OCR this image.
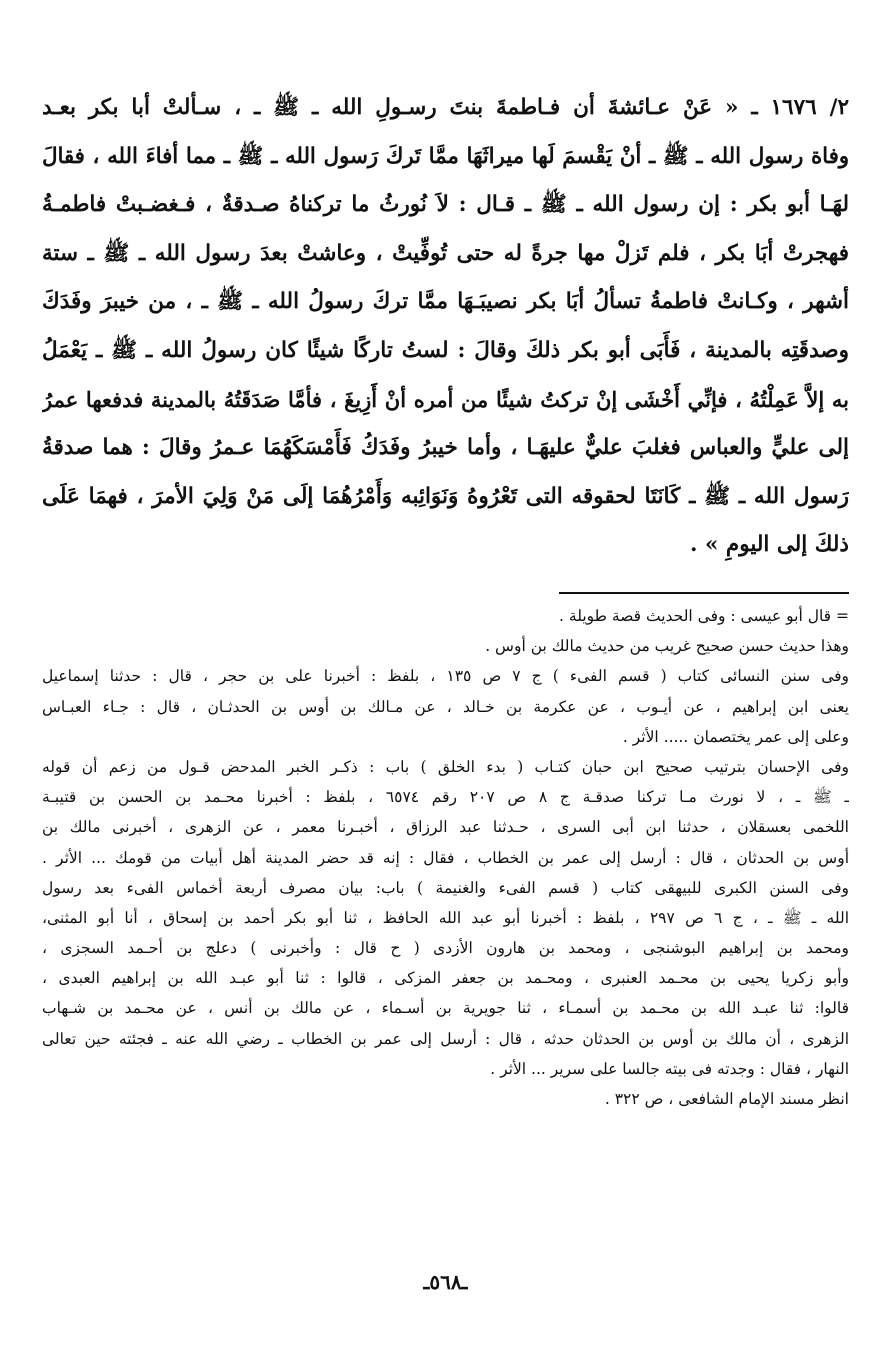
٢/ ١٦٧٦ ـ « عَنْ عـائشةَ أن فـاطمةَ بنتَ رسـولِ الله ـ ﷺ ـ ، سـألتْ أبا بكر بعـد
وفاة رسول الله ـ ﷺ ـ أنْ يَقْسمَ لَها ميراثَهَا ممَّا تَركَ رَسول الله ـ ﷺ ـ مما أفاءَ الله ، فقالَ
لهَـا أبو بكر : إن رسول الله ـ ﷺ ـ قـال : لاَ نُورثُ ما تركناهُ صـدقةٌ ، فـغضـبتْ فاطمـةُ
فهجرتْ أبَا بكر ، فلم تَزلْ مها جرةً له حتى تُوفِّيتْ ، وعاشتْ بعدَ رسول الله ـ ﷺ ـ ستة
أشهر ، وكـانتْ فاطمةُ تسألُ أبَا بكر نصيبَـهَا ممَّا تركَ رسولُ الله ـ ﷺ ـ ، من خيبرَ وفَدَكَ
وصدقَتِه بالمدينة ، فَأَبَى أبو بكر ذلكَ وقالَ : لستُ تاركًا شيئًا كان رسولُ الله ـ ﷺ ـ يَعْمَلُ
به إلاَّ عَمِلْتُهُ ، فإنِّي أَخْشَى إنْ تركتُ شيئًا من أمره أنْ أَزِيغَ ، فأمَّا صَدَقَتُهُ بالمدينة فدفعها عمرُ
إلى عليٍّ والعباس فغلبَ عليٌّ عليهَـا ، وأما خيبرُ وفَدَكُ فَأَمْسَكَهُمَا عـمرُ وقالَ : هما صدقةُ
رَسول الله ـ ﷺ ـ كَانَتَا لحقوقه التى تَعْرُوهُ وَنَوَائِبه وَأَمْرُهُمَا إلَى مَنْ وَلِيَ الأمرَ ، فهمَا عَلَى
ذلكَ إلى اليومِ » .
= قال أبو عيسى : وفى الحديث قصة طويلة .
وهذا حديث حسن صحيح غريب من حديث مالك بن أوس .
وفى سنن النسائى كتاب ( قسم الفىء ) ج ٧ ص ١٣٥ ، بلفظ : أخبرنا على بن حجر ، قال : حدثنا إسماعيل
يعنى ابن إبراهيم ، عن أيـوب ، عن عكرمة بن خـالد ، عن مـالك بن أوس بن الحدثـان ، قال : جـاء العبـاس
وعلى إلى عمر يختصمان ..... الأثر .
وفى الإحسان بترتيب صحيح ابن حبان كتـاب ( بدء الخلق ) باب : ذكـر الخبر المدحض قـول من زعم أن قوله
ـ ﷺ ـ ، لا نورث مـا تركنا صدقـة ج ٨ ص ٢٠٧ رقم ٦٥٧٤ ، بلفظ : أخبرنا محـمد بن الحسن بن قتيبـة
اللخمى بعسقلان ، حدثنا ابن أبى السرى ، حـدثنا عبد الرزاق ، أخبـرنا معمر ، عن الزهرى ، أخبرنى مالك بن
أوس بن الحدثان ، قال : أرسل إلى عمر بن الخطاب ، فقال : إنه قد حضر المدينة أهل أبيات من قومك ... الأثر .
وفى السنن الكبرى للبيهقى كتاب ( قسم الفىء والغنيمة ) باب: بيان مصرف أربعة أخماس الفىء بعد رسول
الله ـ ﷺ ـ ، ج ٦ ص ٢٩٧ ، بلفظ : أخبرنا أبو عبد الله الحافظ ، ثنا أبو بكر أحمد بن إسحاق ، أنا أبو المثنى،
ومحمد بن إبراهيم البوشنجى ، ومحمد بن هارون الأزدى ( ح قال : وأخبرنى ) دعلج بن أحـمد السجزى ،
وأبو زكريا يحيى بن محـمد العنبرى ، ومحـمد بن جعفر المزكى ، قالوا : ثنا أبو عبـد الله بن إبراهيم العبدى ،
قالوا: ثنا عبـد الله بن محـمد بن أسمـاء ، ثنا جويرية بن أسـماء ، عن مالك بن أنس ، عن محـمد بن شـهاب
الزهرى ، أن مالك بن أوس بن الحدثان حدثه ، قال : أرسل إلى عمر بن الخطاب ـ رضي الله عنه ـ فجئته حين تعالى
النهار ، فقال : وجدته فى بيته جالسا على سرير ... الأثر .
انظر مسند الإمام الشافعى ، ص ٣٢٢ .
ـ٥٦٨ـ
